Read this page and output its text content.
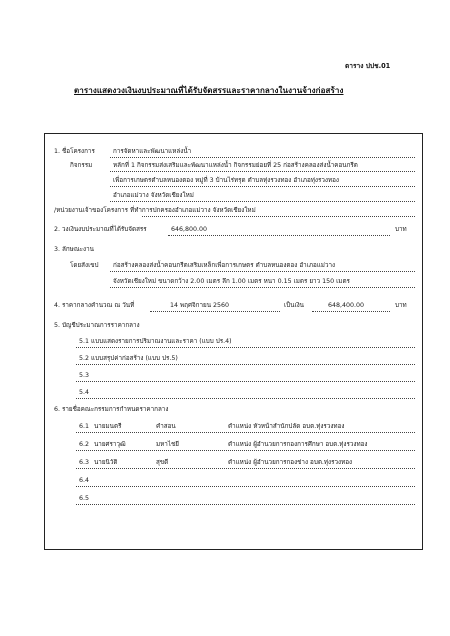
ตาราง ปปช.01
ตารางแสดงวงเงินงบประมาณที่ได้รับจัดสรรและราคากลางในงานจ้างก่อสร้าง
1. ชื่อโครงการ	การจัดหาและพัฒนาแหล่งน้ำ
กิจกรรม	หลักที่ 1 กิจกรรมส่งเสริมและพัฒนาแหล่งน้ำ กิจกรรมย่อยที่ 25 ก่อสร้างคลองส่งน้ำคอนกรีต
เพื่อการเกษตรตำบลหนองตอง หมู่ที่ 3 บ้านไร่ทรุด ตำบลทุ่งรวงทอง อำเภอทุ่งรวงทอง
อำเภอแม่วาง จังหวัดเชียงใหม่
/หน่วยงานเจ้าของโครงการ ที่ทำการปกครองอำเภอแม่วาง จังหวัดเชียงใหม่
2. วงเงินงบประมาณที่ได้รับจัดสรร	646,800.00	บาท
3. ลักษณะงาน
โดยสังเขป ก่อสร้างคลองส่งน้ำคอนกรีตเสริมเหล็กเพื่อการเกษตร ตำบลหนองตอง อำเภอแม่วาง
จังหวัดเชียงใหม่ ขนาดกว้าง 2.00 เมตร ลึก 1.00 เมตร หนา 0.15 เมตร ยาว 150 เมตร
4. ราคากลางคำนวณ ณ วันที่	14 พฤศจิกายน 2560	เป็นเงิน	648,400.00	บาท
5. บัญชีประมาณการราคากลาง
5.1 แบบแสดงรายการปริมาณงานและราคา (แบบ ปร.4)
5.2 แบบสรุปค่าก่อสร้าง (แบบ ปร.5)
5.3
5.4
6. รายชื่อคณะกรรมการกำหนดราคากลาง
6.1 นายมนตรี	คำสอน	ตำแหน่ง หัวหน้าสำนักปลัด อบต.ทุ่งรวงทอง
6.2 นายศราวุฒิ	มหาไชยี	ตำแหน่ง ผู้อำนวยการกองการศึกษา อบต.ทุ่งรวงทอง
6.3 นายนิวัติ	สุขดี	ตำแหน่ง ผู้อำนวยการกองช่าง อบต.ทุ่งรวงทอง
6.4
6.5
